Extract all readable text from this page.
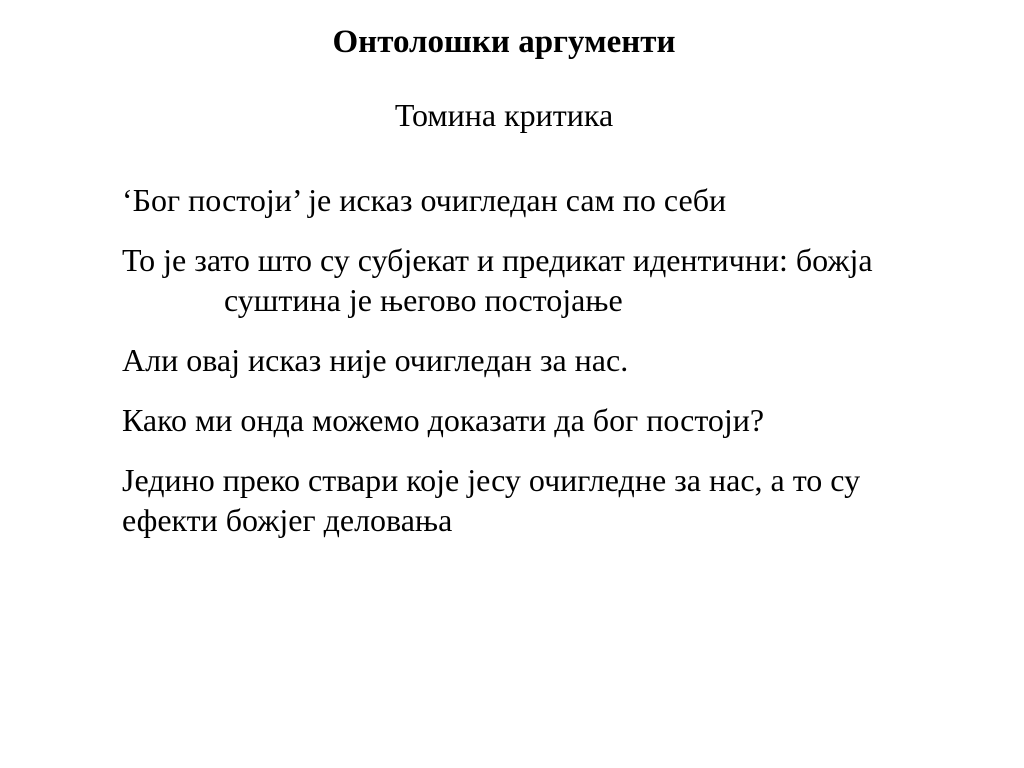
Онтолошки аргументи
Томина критика

‘Бог постоји’ је исказ очигледан сам по себи

То је зато што су субјекат и предикат идентични: божја суштина је његово постојање

Али овај исказ није очигледан за нас.

Како ми онда можемо доказати да бог постоји?

Једино преко ствари које јесу очигледне за нас, а то су ефекти божјег деловања
